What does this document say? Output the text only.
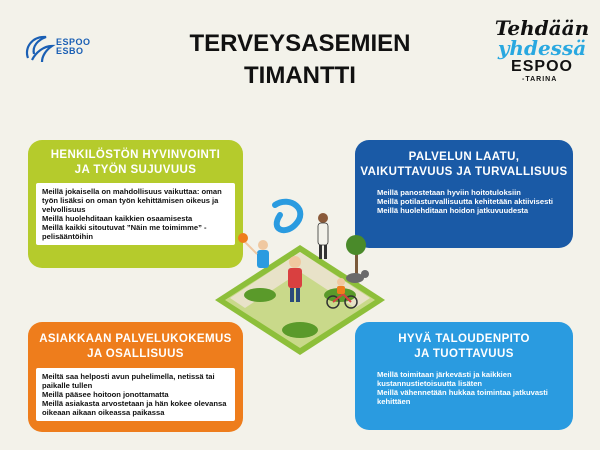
ESPOO
ESBO	TERVEYSASEMIEN
TIMANTTI
Tehdään
yhdessä
ESPOO
-TARINA
HENKILÖSTÖN HYVINVOINTI
JA TYÖN SUJUVUUS
Meillä jokaisella on mahdollisuus vaikuttaa: oman työn lisäksi on oman työn kehittämisen oikeus ja velvollisuus
Meillä huolehditaan kaikkien osaamisesta
Meillä kaikki sitoutuvat ”Näin me toimimme” -pelisääntöihin
PALVELUN LAATU,
VAIKUTTAVUUS JA TURVALLISUUS
Meillä panostetaan hyviin hoitotuloksiin
Meillä potilasturvallisuutta kehitetään aktiivisesti
Meillä huolehditaan hoidon jatkuvuudesta
ASIAKKAAN PALVELUKOKEMUS
JA OSALLISUUS
Meiltä saa helposti avun puhelimella, netissä tai paikalle tullen
Meillä pääsee hoitoon jonottamatta
Meillä asiakasta arvostetaan ja hän kokee olevansa oikeaan aikaan oikeassa paikassa
HYVÄ TALOUDENPITO
JA TUOTTAVUUS
Meillä toimitaan järkevästi ja kaikkien kustannustietoisuutta lisäten
Meillä vähennetään hukkaa toimintaa jatkuvasti kehittäen
